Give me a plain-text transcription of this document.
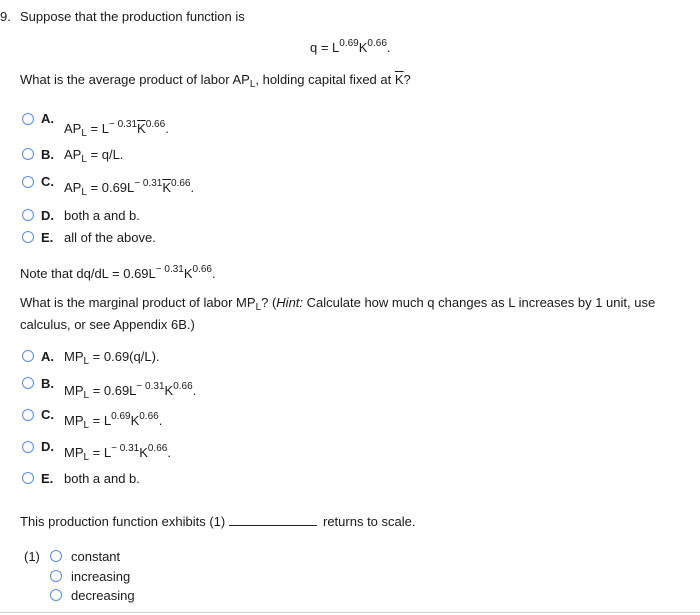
9. Suppose that the production function is
$q = L^{0.69}K^{0.66}$.
What is the average product of labor $AP_L$, holding capital fixed at $\overline{K}$?
A.
$AP_L = L^{- 0.31}\overline{K}^{0.66}$.
B. $AP_L = q/L$.
C. $AP_L = 0.69L^{- 0.31}\overline{K}^{0.66}$.
D. both a and b.
E. all of the above.
Note that $dq/dL = 0.69L^{- 0.31}K^{0.66}$.
What is the marginal product of labor $MP_L$? (Hint: Calculate how much q changes as L increases by 1 unit, use
calculus, or see Appendix 6B.)
A. $MP_L = 0.69(q/L)$.
B. $MP_L = 0.69L^{- 0.31}K^{0.66}$.
C. $MP_L = L^{0.69}K^{0.66}$.
D. $MP_L = L^{- 0.31}K^{0.66}$.
E. both a and b.
This production function exhibits (1)	returns to scale.
(1) constant
increasing
decreasing
